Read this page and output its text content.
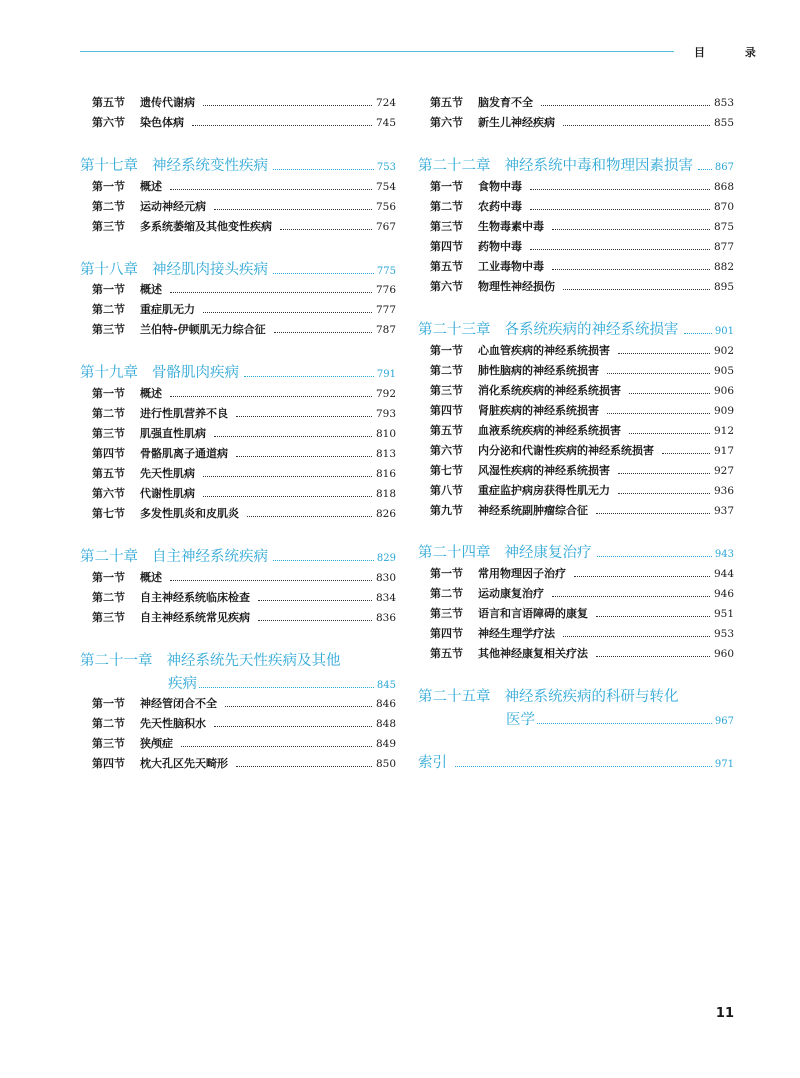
目 录
第五节	遗传代谢病	724
第六节	染色体病	745
第十七章 神经系统变性疾病	753
第一节	概述	754
第二节	运动神经元病	756
第三节	多系统萎缩及其他变性疾病	767
第十八章 神经肌肉接头疾病	775
第一节	概述	776
第二节	重症肌无力	777
第三节	兰伯特-伊顿肌无力综合征	787
第十九章 骨骼肌肉疾病	791
第一节	概述	792
第二节	进行性肌营养不良	793
第三节	肌强直性肌病	810
第四节	骨骼肌离子通道病	813
第五节	先天性肌病	816
第六节	代谢性肌病	818
第七节	多发性肌炎和皮肌炎	826
第二十章 自主神经系统疾病	829
第一节	概述	830
第二节	自主神经系统临床检查	834
第三节	自主神经系统常见疾病	836
第二十一章 神经系统先天性疾病及其他
疾病	845
第一节	神经管闭合不全	846
第二节	先天性脑积水	848
第三节	狭颅症	849
第四节	枕大孔区先天畸形	850
第五节	脑发育不全	853
第六节	新生儿神经疾病	855
第二十二章 神经系统中毒和物理因素损害 867
第一节	食物中毒	868
第二节	农药中毒	870
第三节	生物毒素中毒	875
第四节	药物中毒	877
第五节	工业毒物中毒	882
第六节	物理性神经损伤	895
第二十三章 各系统疾病的神经系统损害	901
第一节	心血管疾病的神经系统损害	902
第二节	肺性脑病的神经系统损害	905
第三节	消化系统疾病的神经系统损害	906
第四节	肾脏疾病的神经系统损害	909
第五节	血液系统疾病的神经系统损害	912
第六节	内分泌和代谢性疾病的神经系统损害	917
第七节	风湿性疾病的神经系统损害	927
第八节	重症监护病房获得性肌无力	936
第九节	神经系统副肿瘤综合征	937
第二十四章 神经康复治疗	943
第一节	常用物理因子治疗	944
第二节	运动康复治疗	946
第三节	语言和言语障碍的康复	951
第四节	神经生理学疗法	953
第五节	其他神经康复相关疗法	960
第二十五章 神经系统疾病的科研与转化
医学	967
索引	971
11
